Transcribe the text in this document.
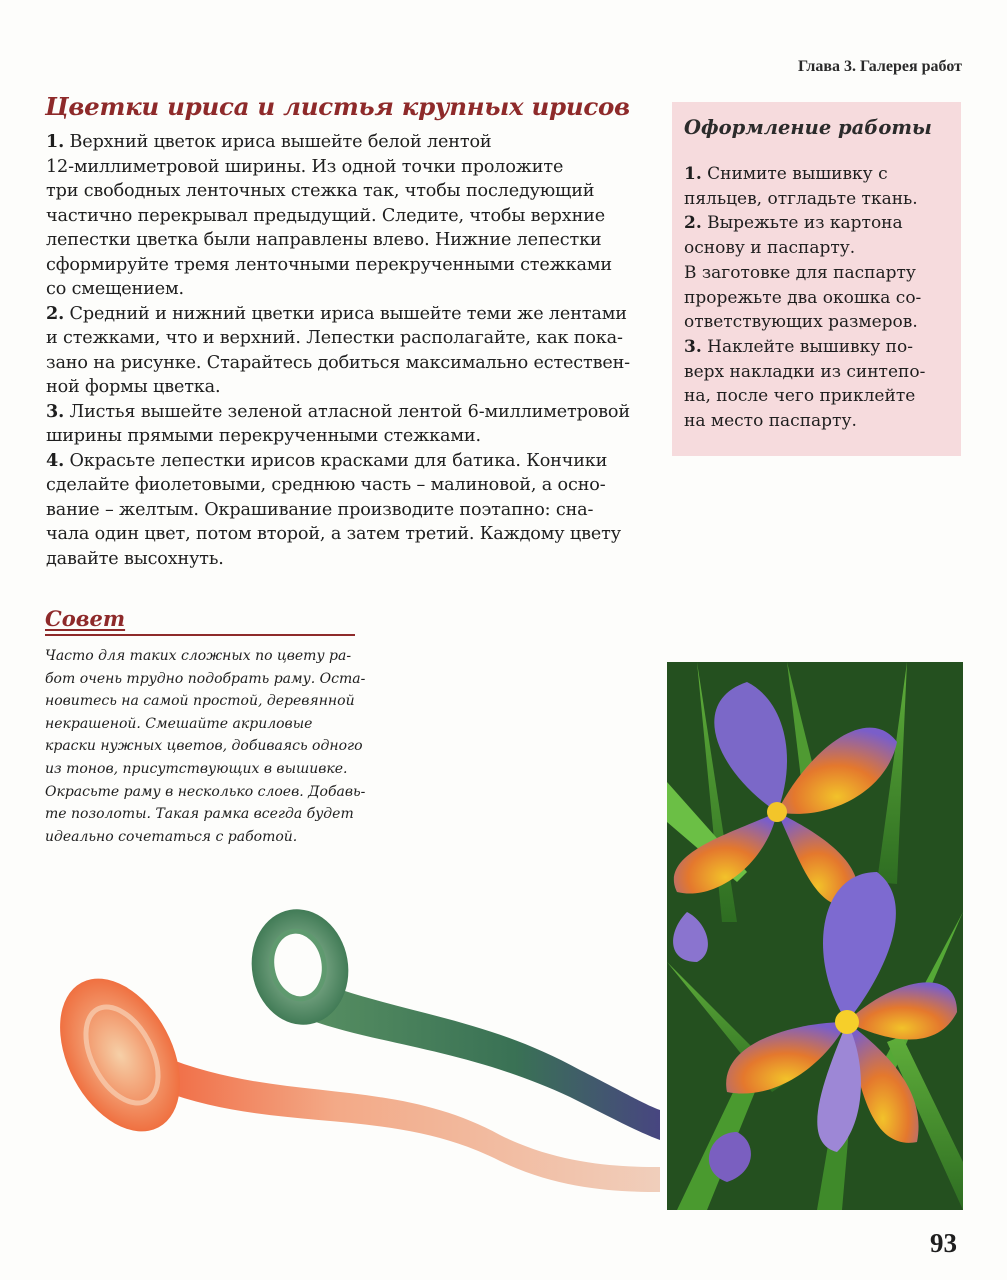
Глава 3. Галерея работ
Цветки ириса и листья крупных ирисов
1. Верхний цветок ириса вышейте белой лентой
12-миллиметровой ширины. Из одной точки проложите
три свободных ленточных стежка так, чтобы последующий
частично перекрывал предыдущий. Следите, чтобы верхние
лепестки цветка были направлены влево. Нижние лепестки
сформируйте тремя ленточными перекрученными стежками
со смещением.
2. Средний и нижний цветки ириса вышейте теми же лентами
и стежками, что и верхний. Лепестки располагайте, как пока-
зано на рисунке. Старайтесь добиться максимально естествен-
ной формы цветка.
3. Листья вышейте зеленой атласной лентой 6-миллиметровой
ширины прямыми перекрученными стежками.
4. Окрасьте лепестки ирисов красками для батика. Кончики
сделайте фиолетовыми, среднюю часть – малиновой, а осно-
вание – желтым. Окрашивание производите поэтапно: сна-
чала один цвет, потом второй, а затем третий. Каждому цвету
давайте высохнуть.
Оформление работы
1. Снимите вышивку с
пяльцев, отгладьте ткань.
2. Вырежьте из картона
основу и паспарту.
В заготовке для паспарту
прорежьте два окошка со-
ответствующих размеров.
3. Наклейте вышивку по-
верх накладки из синтепо-
на, после чего приклейте
на место паспарту.
Совет
Часто для таких сложных по цвету ра-
бот очень трудно подобрать раму. Оста-
новитесь на самой простой, деревянной
некрашеной. Смешайте акриловые
краски нужных цветов, добиваясь одного
из тонов, присутствующих в вышивке.
Окрасьте раму в несколько слоев. Добавь-
те позолоты. Такая рамка всегда будет
идеально сочетаться с работой.
93
